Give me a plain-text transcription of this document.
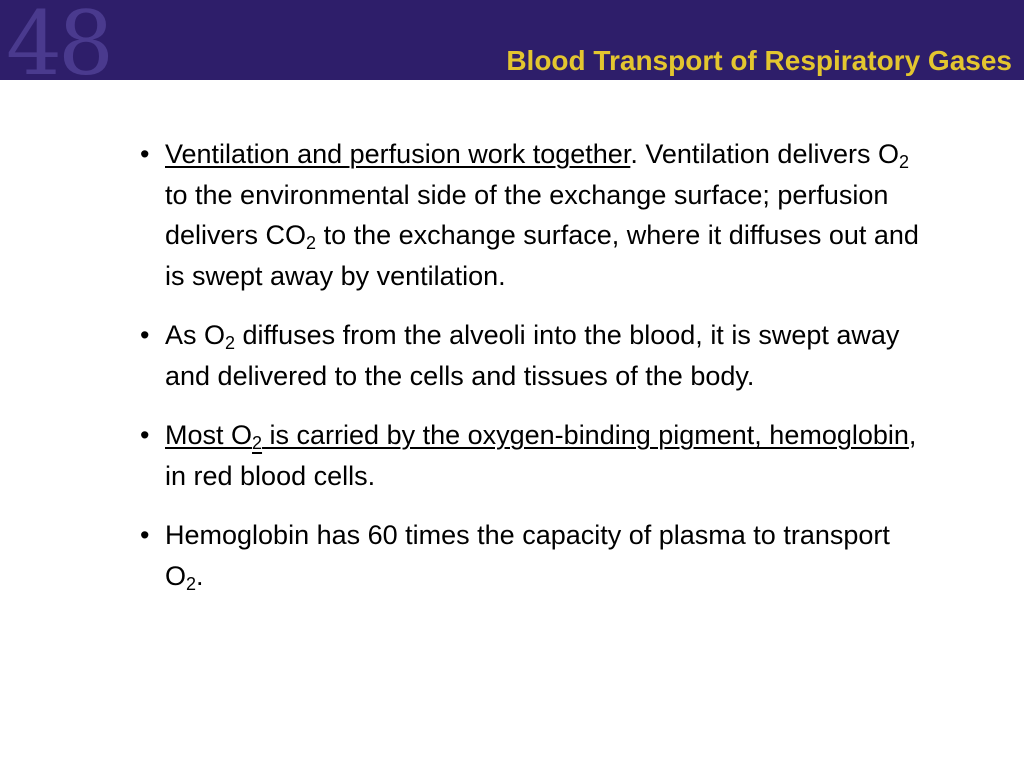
48	Blood Transport of Respiratory Gases
• Ventilation and perfusion work together. Ventilation delivers $O_2$ to the environmental side of the exchange surface; perfusion delivers $CO_2$ to the exchange surface, where it diffuses out and is swept away by ventilation.
• As $O_2$ diffuses from the alveoli into the blood, it is swept away and delivered to the cells and tissues of the body.
• Most $O_2$ is carried by the oxygen-binding pigment, hemoglobin, in red blood cells.
• Hemoglobin has 60 times the capacity of plasma to transport $O_2$.
